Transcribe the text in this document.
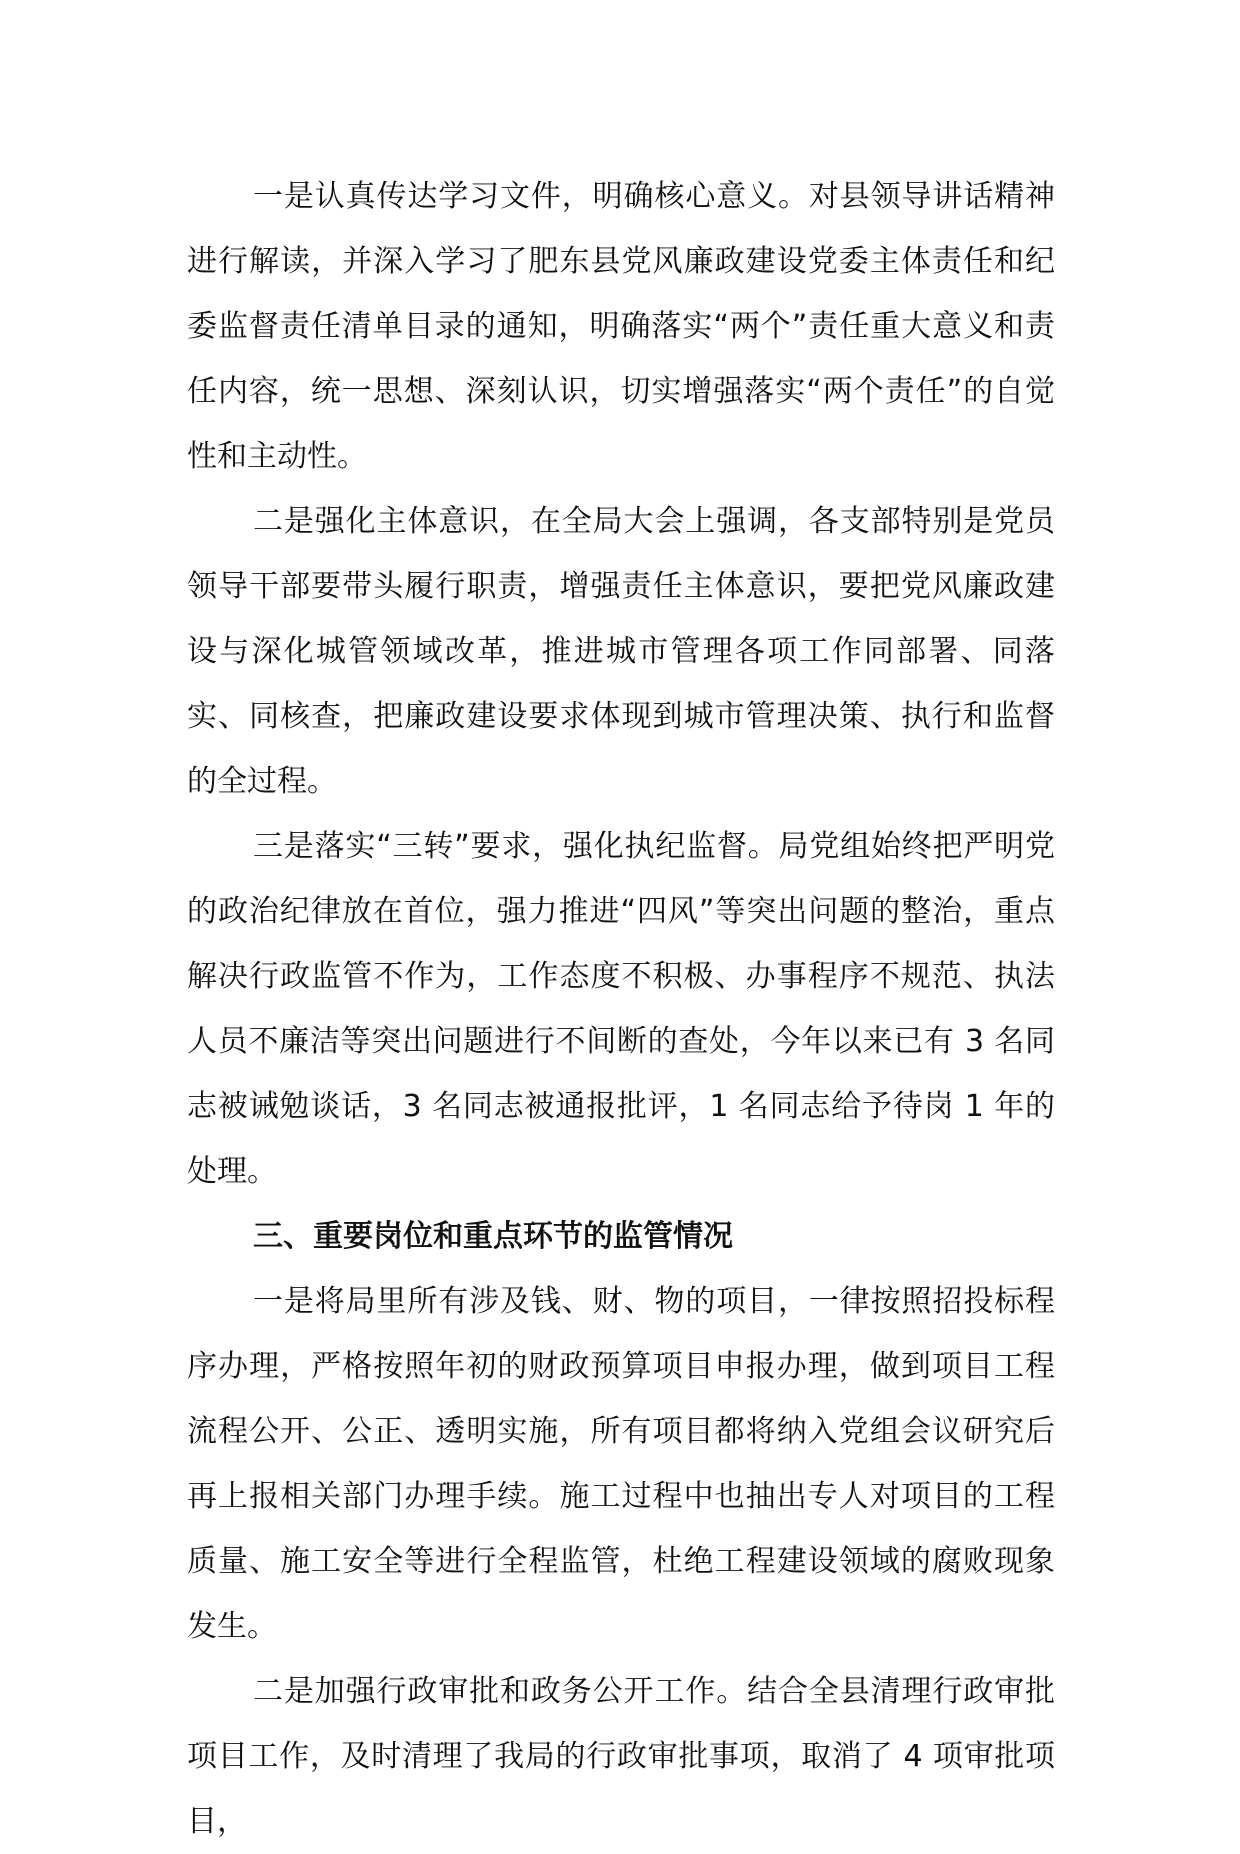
一是认真传达学习文件，明确核心意义。对县领导讲话精神进行解读，并深入学习了肥东县党风廉政建设党委主体责任和纪委监督责任清单目录的通知，明确落实“两个”责任重大意义和责任内容，统一思想、深刻认识，切实增强落实“两个责任”的自觉性和主动性。

二是强化主体意识，在全局大会上强调，各支部特别是党员领导干部要带头履行职责，增强责任主体意识，要把党风廉政建设与深化城管领域改革，推进城市管理各项工作同部署、同落实、同核查，把廉政建设要求体现到城市管理决策、执行和监督的全过程。

三是落实“三转”要求，强化执纪监督。局党组始终把严明党的政治纪律放在首位，强力推进“四风”等突出问题的整治，重点解决行政监管不作为，工作态度不积极、办事程序不规范、执法人员不廉洁等突出问题进行不间断的查处，今年以来已有 3 名同志被诫勉谈话，3 名同志被通报批评，1 名同志给予待岗 1 年的处理。

三、重要岗位和重点环节的监管情况

一是将局里所有涉及钱、财、物的项目，一律按照招投标程序办理，严格按照年初的财政预算项目申报办理，做到项目工程流程公开、公正、透明实施，所有项目都将纳入党组会议研究后再上报相关部门办理手续。施工过程中也抽出专人对项目的工程质量、施工安全等进行全程监管，杜绝工程建设领域的腐败现象发生。

二是加强行政审批和政务公开工作。结合全县清理行政审批项目工作，及时清理了我局的行政审批事项，取消了 4 项审批项目，
